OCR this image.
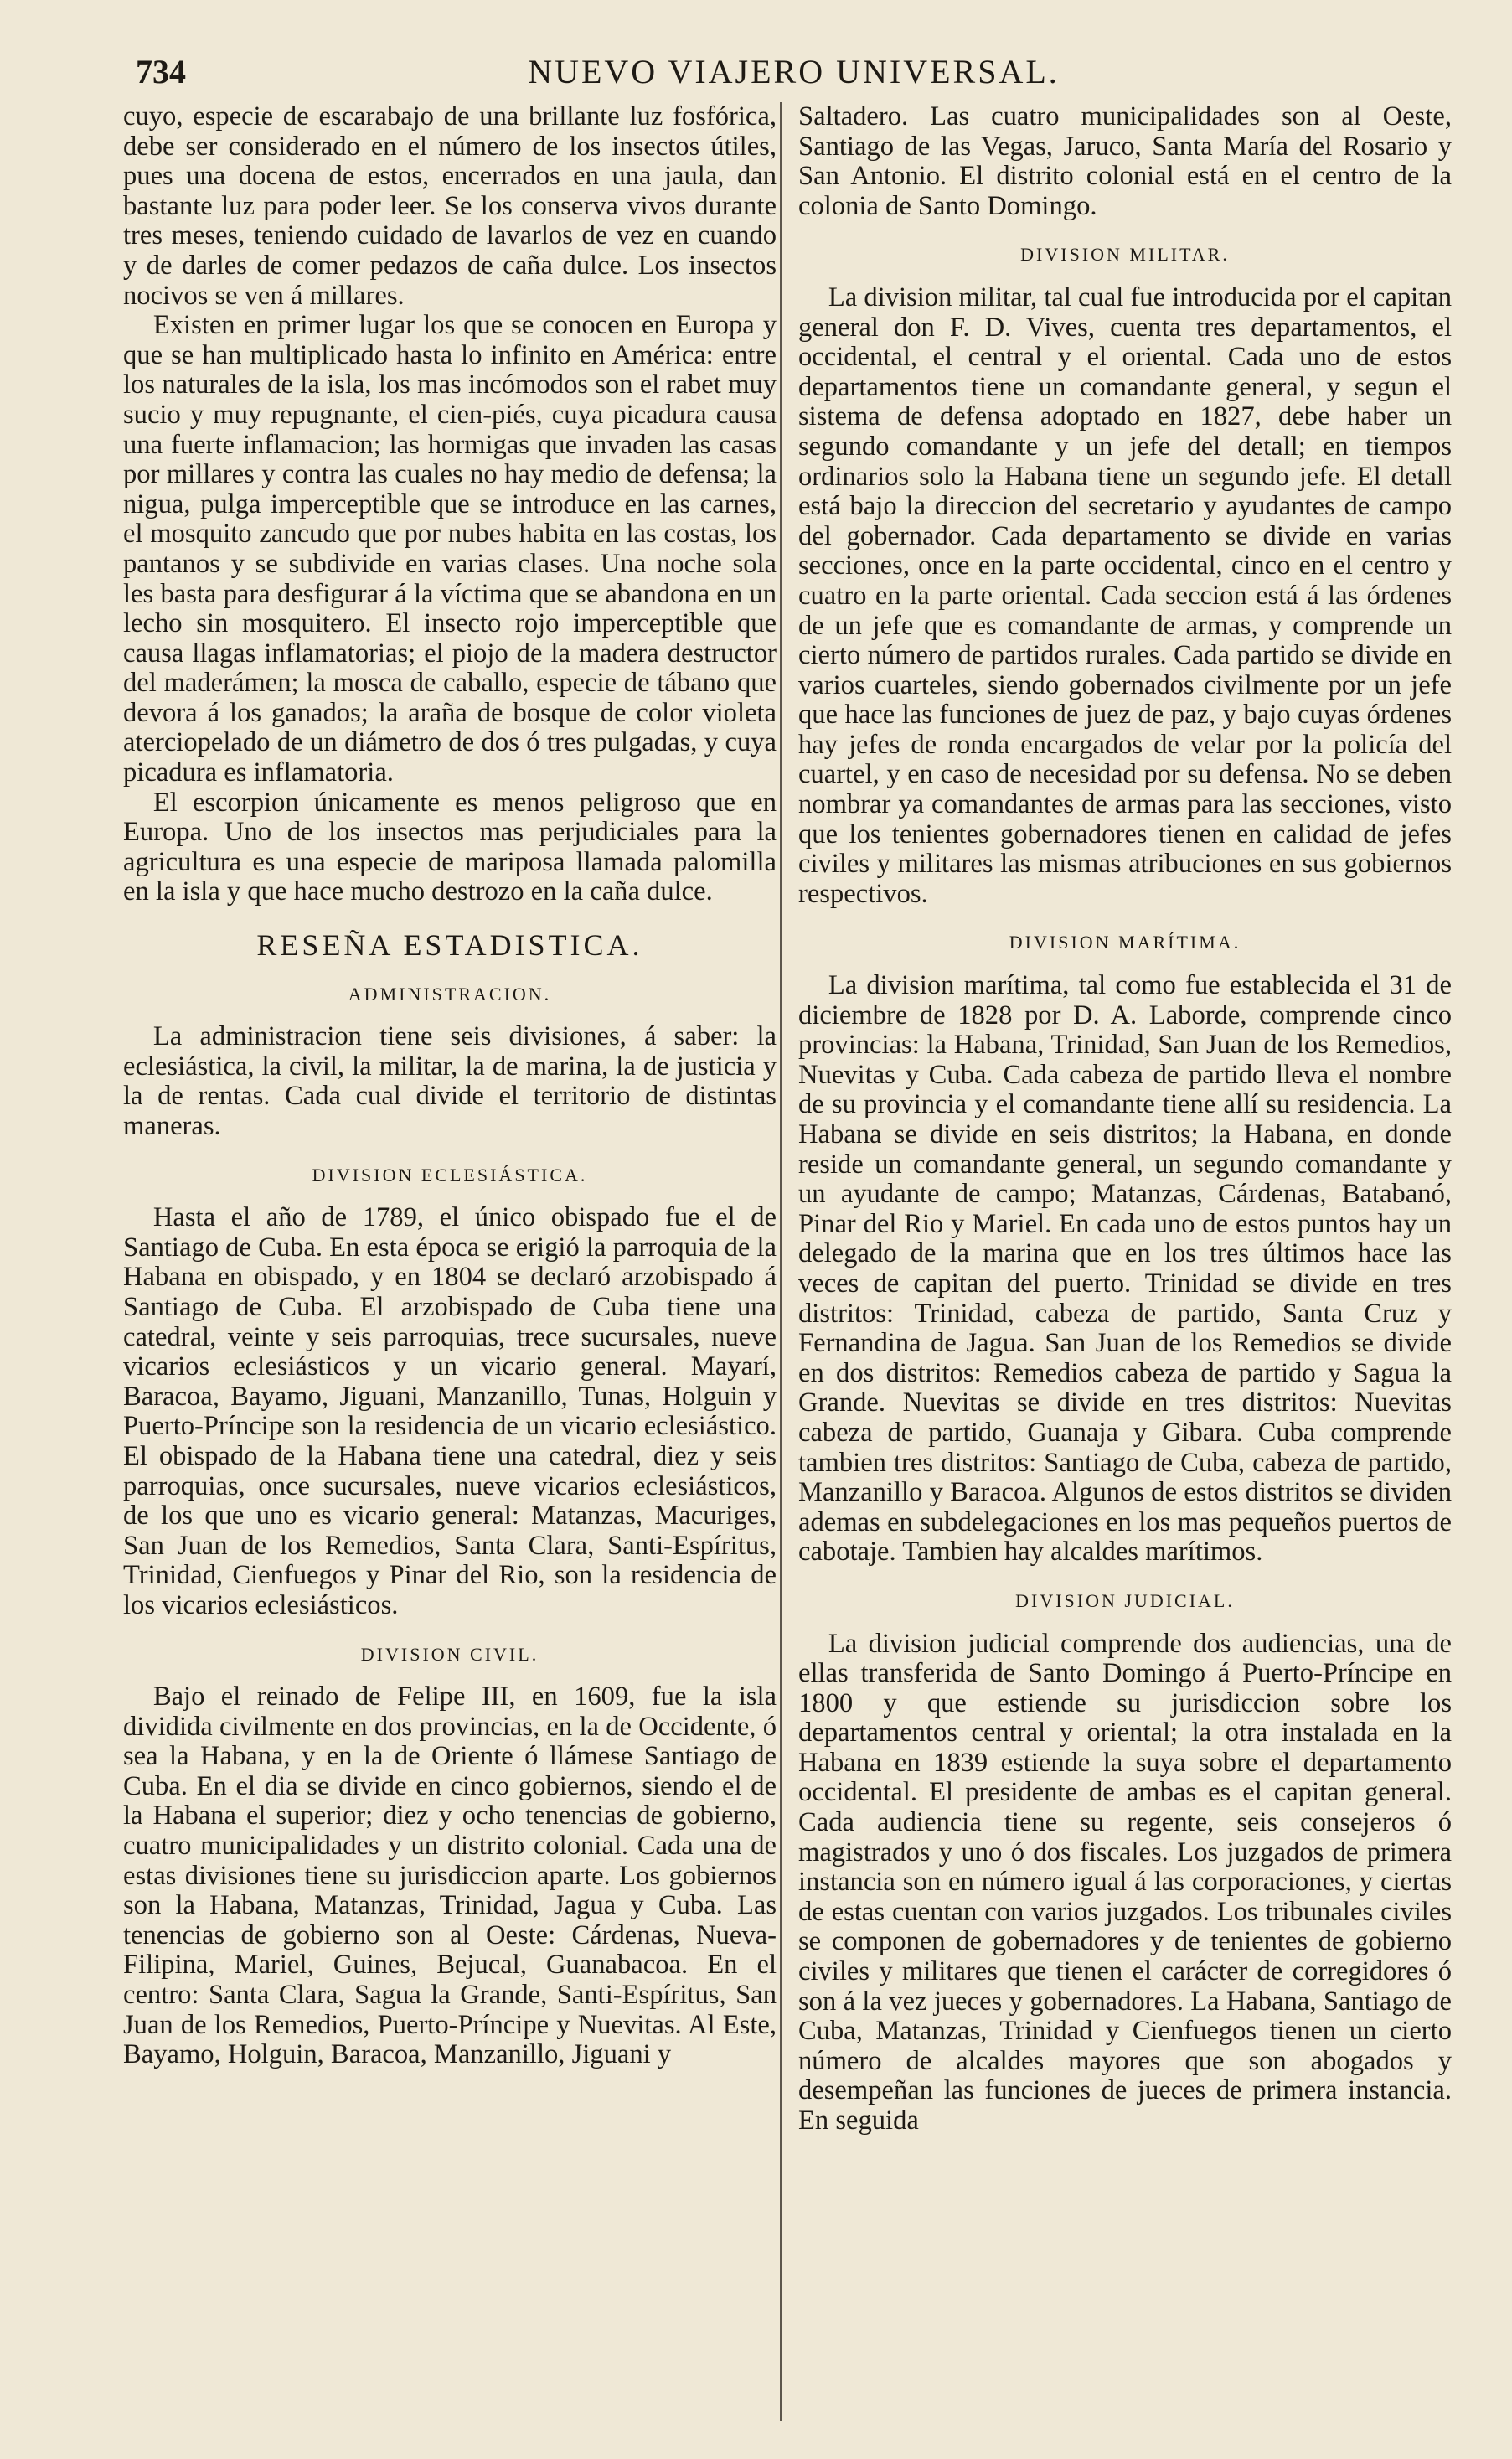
734	NUEVO VIAJERO UNIVERSAL.

cuyo, especie de escarabajo de una brillante luz fosfórica, debe ser considerado en el número de los insectos útiles, pues una docena de estos, encerrados en una jaula, dan bastante luz para poder leer. Se los conserva vivos durante tres meses, teniendo cuidado de lavarlos de vez en cuando y de darles de comer pedazos de caña dulce. Los insectos nocivos se ven á millares.

Existen en primer lugar los que se conocen en Europa y que se han multiplicado hasta lo infinito en América: entre los naturales de la isla, los mas incómodos son el rabet muy sucio y muy repugnante, el cien-piés, cuya picadura causa una fuerte inflamacion; las hormigas que invaden las casas por millares y contra las cuales no hay medio de defensa; la nigua, pulga imperceptible que se introduce en las carnes, el mosquito zancudo que por nubes habita en las costas, los pantanos y se subdivide en varias clases. Una noche sola les basta para desfigurar á la víctima que se abandona en un lecho sin mosquitero. El insecto rojo imperceptible que causa llagas inflamatorias; el piojo de la madera destructor del maderámen; la mosca de caballo, especie de tábano que devora á los ganados; la araña de bosque de color violeta aterciopelado de un diámetro de dos ó tres pulgadas, y cuya picadura es inflamatoria.

El escorpion únicamente es menos peligroso que en Europa. Uno de los insectos mas perjudiciales para la agricultura es una especie de mariposa llamada palomilla en la isla y que hace mucho destrozo en la caña dulce.

RESEÑA ESTADISTICA.
ADMINISTRACION.

La administracion tiene seis divisiones, á saber: la eclesiástica, la civil, la militar, la de marina, la de justicia y la de rentas. Cada cual divide el territorio de distintas maneras.

DIVISION ECLESIÁSTICA.

Hasta el año de 1789, el único obispado fue el de Santiago de Cuba. En esta época se erigió la parroquia de la Habana en obispado, y en 1804 se declaró arzobispado á Santiago de Cuba. El arzobispado de Cuba tiene una catedral, veinte y seis parroquias, trece sucursales, nueve vicarios eclesiásticos y un vicario general. Mayarí, Baracoa, Bayamo, Jiguani, Manzanillo, Tunas, Holguin y Puerto-Príncipe son la residencia de un vicario eclesiástico. El obispado de la Habana tiene una catedral, diez y seis parroquias, once sucursales, nueve vicarios eclesiásticos, de los que uno es vicario general: Matanzas, Macuriges, San Juan de los Remedios, Santa Clara, Santi-Espíritus, Trinidad, Cienfuegos y Pinar del Rio, son la residencia de los vicarios eclesiásticos.

DIVISION CIVIL.

Bajo el reinado de Felipe III, en 1609, fue la isla dividida civilmente en dos provincias, en la de Occidente, ó sea la Habana, y en la de Oriente ó llámese Santiago de Cuba. En el dia se divide en cinco gobiernos, siendo el de la Habana el superior; diez y ocho tenencias de gobierno, cuatro municipalidades y un distrito colonial. Cada una de estas divisiones tiene su jurisdiccion aparte. Los gobiernos son la Habana, Matanzas, Trinidad, Jagua y Cuba. Las tenencias de gobierno son al Oeste: Cárdenas, Nueva-Filipina, Mariel, Guines, Bejucal, Guanabacoa. En el centro: Santa Clara, Sagua la Grande, Santi-Espíritus, San Juan de los Remedios, Puerto-Príncipe y Nuevitas. Al Este, Bayamo, Holguin, Baracoa, Manzanillo, Jiguani y

Saltadero. Las cuatro municipalidades son al Oeste, Santiago de las Vegas, Jaruco, Santa María del Rosario y San Antonio. El distrito colonial está en el centro de la colonia de Santo Domingo.

DIVISION MILITAR.

La division militar, tal cual fue introducida por el capitan general don F. D. Vives, cuenta tres departamentos, el occidental, el central y el oriental. Cada uno de estos departamentos tiene un comandante general, y segun el sistema de defensa adoptado en 1827, debe haber un segundo comandante y un jefe del detall; en tiempos ordinarios solo la Habana tiene un segundo jefe. El detall está bajo la direccion del secretario y ayudantes de campo del gobernador. Cada departamento se divide en varias secciones, once en la parte occidental, cinco en el centro y cuatro en la parte oriental. Cada seccion está á las órdenes de un jefe que es comandante de armas, y comprende un cierto número de partidos rurales. Cada partido se divide en varios cuarteles, siendo gobernados civilmente por un jefe que hace las funciones de juez de paz, y bajo cuyas órdenes hay jefes de ronda encargados de velar por la policía del cuartel, y en caso de necesidad por su defensa. No se deben nombrar ya comandantes de armas para las secciones, visto que los tenientes gobernadores tienen en calidad de jefes civiles y militares las mismas atribuciones en sus gobiernos respectivos.

DIVISION MARÍTIMA.

La division marítima, tal como fue establecida el 31 de diciembre de 1828 por D. A. Laborde, comprende cinco provincias: la Habana, Trinidad, San Juan de los Remedios, Nuevitas y Cuba. Cada cabeza de partido lleva el nombre de su provincia y el comandante tiene allí su residencia. La Habana se divide en seis distritos; la Habana, en donde reside un comandante general, un segundo comandante y un ayudante de campo; Matanzas, Cárdenas, Batabanó, Pinar del Rio y Mariel. En cada uno de estos puntos hay un delegado de la marina que en los tres últimos hace las veces de capitan del puerto. Trinidad se divide en tres distritos: Trinidad, cabeza de partido, Santa Cruz y Fernandina de Jagua. San Juan de los Remedios se divide en dos distritos: Remedios cabeza de partido y Sagua la Grande. Nuevitas se divide en tres distritos: Nuevitas cabeza de partido, Guanaja y Gibara. Cuba comprende tambien tres distritos: Santiago de Cuba, cabeza de partido, Manzanillo y Baracoa. Algunos de estos distritos se dividen ademas en subdelegaciones en los mas pequeños puertos de cabotaje. Tambien hay alcaldes marítimos.

DIVISION JUDICIAL.

La division judicial comprende dos audiencias, una de ellas transferida de Santo Domingo á Puerto-Príncipe en 1800 y que estiende su jurisdiccion sobre los departamentos central y oriental; la otra instalada en la Habana en 1839 estiende la suya sobre el departamento occidental. El presidente de ambas es el capitan general. Cada audiencia tiene su regente, seis consejeros ó magistrados y uno ó dos fiscales. Los juzgados de primera instancia son en número igual á las corporaciones, y ciertas de estas cuentan con varios juzgados. Los tribunales civiles se componen de gobernadores y de tenientes de gobierno civiles y militares que tienen el carácter de corregidores ó son á la vez jueces y gobernadores. La Habana, Santiago de Cuba, Matanzas, Trinidad y Cienfuegos tienen un cierto número de alcaldes mayores que son abogados y desempeñan las funciones de jueces de primera instancia. En seguida
